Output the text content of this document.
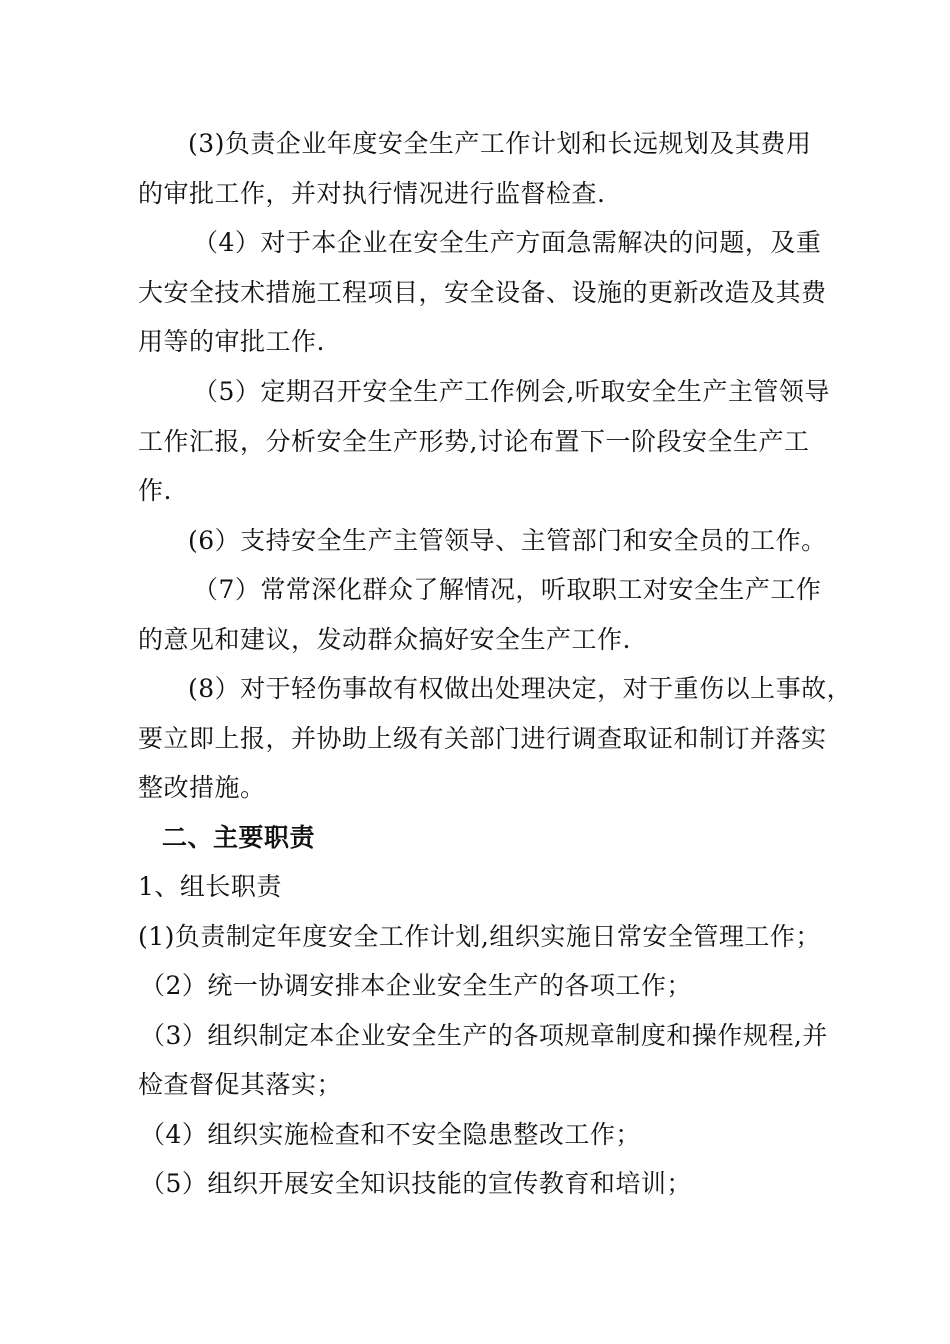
(3)负责企业年度安全生产工作计划和长远规划及其费用
的审批工作，并对执行情况进行监督检查.
（4）对于本企业在安全生产方面急需解决的问题，及重
大安全技术措施工程项目，安全设备、设施的更新改造及其费
用等的审批工作.
（5）定期召开安全生产工作例会,听取安全生产主管领导
工作汇报，分析安全生产形势,讨论布置下一阶段安全生产工
作.
(6）支持安全生产主管领导、主管部门和安全员的工作。
（7）常常深化群众了解情况，听取职工对安全生产工作
的意见和建议，发动群众搞好安全生产工作.
(8）对于轻伤事故有权做出处理决定，对于重伤以上事故，
要立即上报，并协助上级有关部门进行调查取证和制订并落实
整改措施。
二、主要职责
1、组长职责
(1)负责制定年度安全工作计划,组织实施日常安全管理工作；
（2）统一协调安排本企业安全生产的各项工作；
（3）组织制定本企业安全生产的各项规章制度和操作规程,并
检查督促其落实；
（4）组织实施检查和不安全隐患整改工作；
（5）组织开展安全知识技能的宣传教育和培训；
